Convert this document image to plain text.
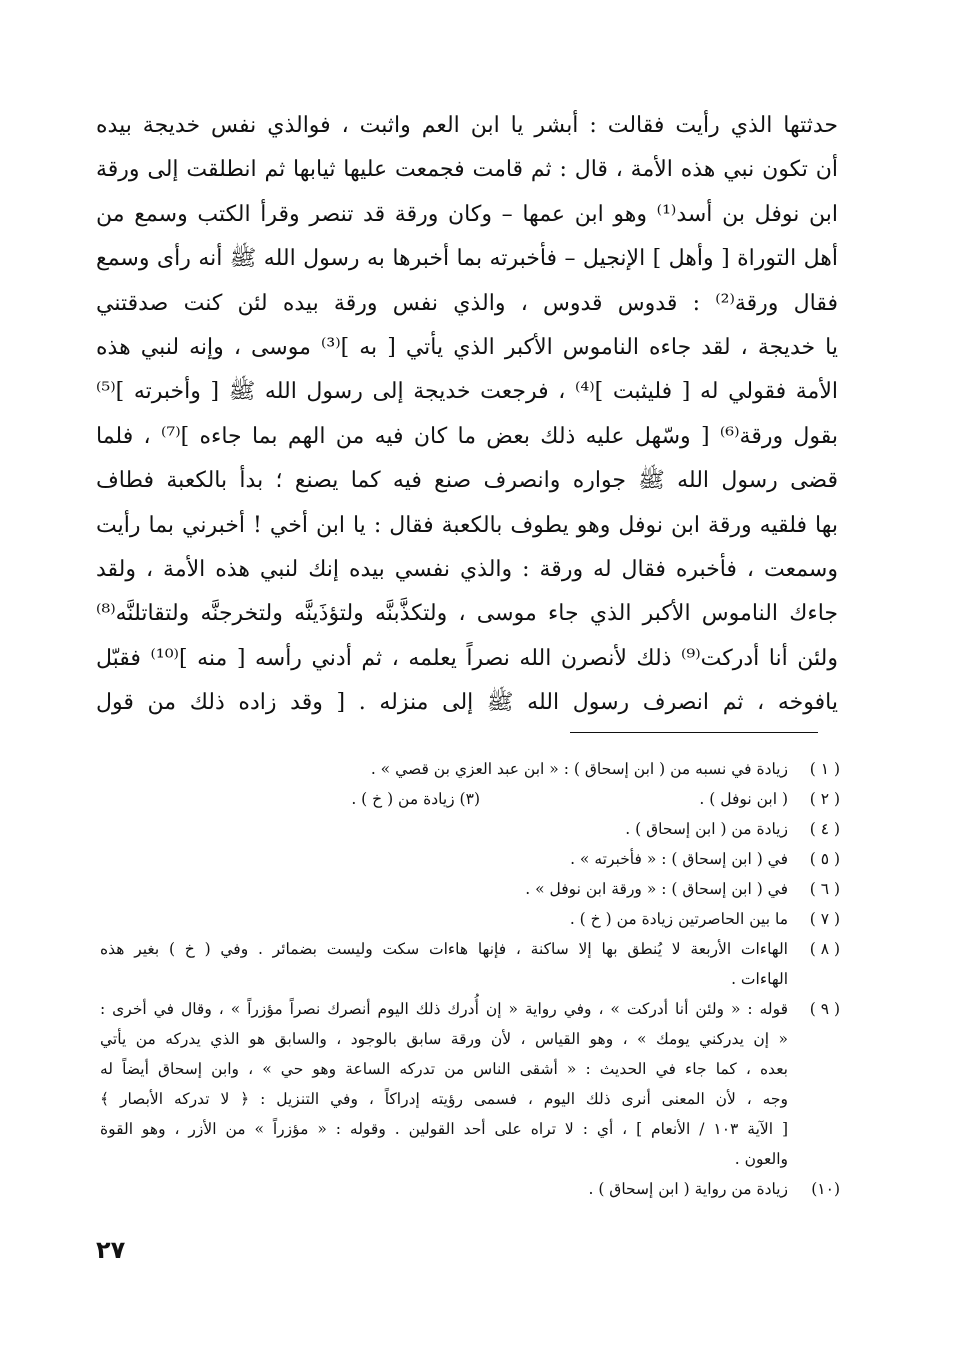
حدثتها الذي رأيت فقالت : أبشر يا ابن العم واثبت ، فوالذي نفس خديجة بيده
أن تكون نبي هذه الأمة ، قال : ثم قامت فجمعت عليها ثيابها ثم انطلقت إلى ورقة
ابن نوفل بن أسد⁽¹⁾ وهو ابن عمها – وكان ورقة قد تنصر وقرأ الكتب وسمع من
أهل التوراة [ وأهل ] الإنجيل – فأخبرته بما أخبرها به رسول الله ﷺ أنه رأى وسمع
فقال ورقة⁽²⁾ : قدوس قدوس ، والذي نفس ورقة بيده لئن كنت صدقتني
يا خديجة ، لقد جاءه الناموس الأكبر الذي يأتي [ به ]⁽³⁾ موسى ، وإنه لنبي هذه
الأمة فقولي له [ فليثبت ]⁽⁴⁾ ، فرجعت خديجة إلى رسول الله ﷺ [ وأخبرته ]⁽⁵⁾
بقول ورقة⁽⁶⁾ [ وسّهل عليه ذلك بعض ما كان فيه من الهم بما جاءه ]⁽⁷⁾ ، فلما
قضى رسول الله ﷺ جواره وانصرف صنع فيه كما يصنع ؛ بدأ بالكعبة فطاف
بها فلقيه ورقة ابن نوفل وهو يطوف بالكعبة فقال : يا ابن أخي ! أخبرني بما رأيت
وسمعت ، فأخبره فقال له ورقة : والذي نفسي بيده إنك لنبي هذه الأمة ، ولقد
جاءك الناموس الأكبر الذي جاء موسى ، ولتكذَّبنَّه ولتؤذَينَّه ولتخرجنَّه ولتقاتلنَّه⁽⁸⁾
ولئن أنا أدركت⁽⁹⁾ ذلك لأنصرن الله نصراً يعلمه ، ثم أدني رأسه [ منه ]⁽¹⁰⁾ فقبّل
يافوخه ، ثم انصرف رسول الله ﷺ إلى منزله . [ وقد زاده ذلك من قول
( ١ )
زيادة في نسبه من ( ابن إسحاق ) : « ابن عبد العزي بن قصي » .
( ٢ )
( ابن نوفل ) .
(٣) زيادة من ( خ ) .
( ٤ )
زيادة من ( ابن إسحاق ) .
( ٥ )
في ( ابن إسحاق ) : « فأخبرته » .
( ٦ )
في ( ابن إسحاق ) : « ورقة ابن نوفل » .
( ٧ )
ما بين الحاصرتين زيادة من ( خ ) .
( ٨ )
الهاءات الأربعة لا يُنطق بها إلا ساكنة ، فإنها هاءات سكت وليست بضمائر . وفي ( خ ) بغير هذه
الهاءات .
( ٩ )
قوله : « ولئن أنا أدركت » ، وفي رواية « إن أُدرك ذلك اليوم أنصرك نصراً مؤزراً » ، وقال في أخرى :
« إن يدركني يومك » ، وهو القياس ، لأن ورقة سابق بالوجود ، والسابق هو الذي يدركه من يأتي
بعده ، كما جاء في الحديث : « أشقى الناس من تدركه الساعة وهو حي » ، وابن إسحاق أيضاً له
وجه ، لأن المعنى أنرى ذلك اليوم ، فسمى رؤيته إدراكاً ، وفي التنزيل : ﴿ لا تدركه الأبصار ﴾
[ الآية ١٠٣ / الأنعام ] ، أي : لا تراه على أحد القولين . وقوله : « مؤزراً » من الأزر ، وهو القوة
والعون .
(١٠)
زيادة من رواية ( ابن إسحاق ) .
٢٧
